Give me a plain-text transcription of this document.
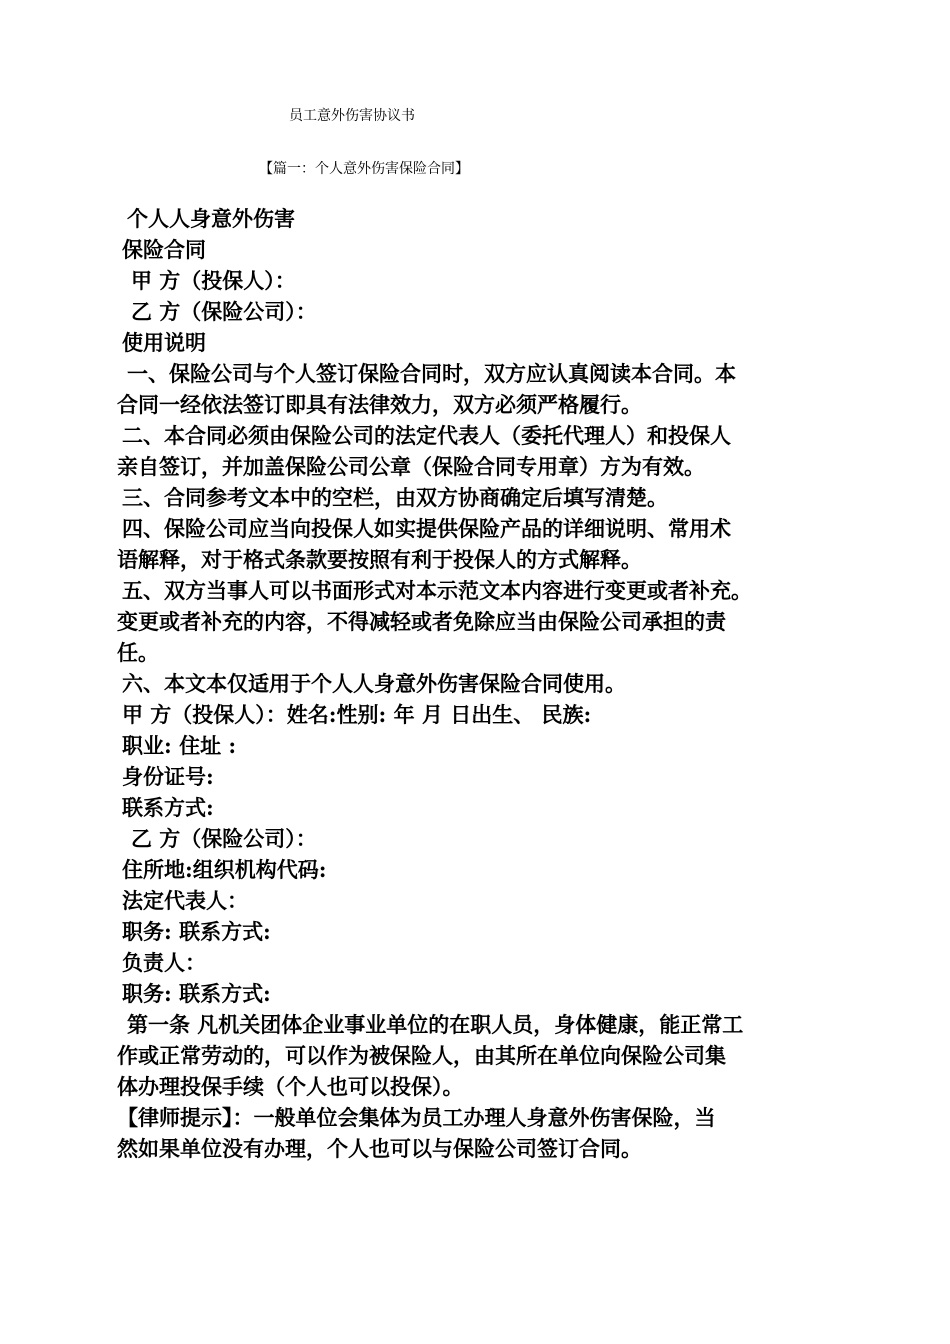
员工意外伤害协议书
【篇一：个人意外伤害保险合同】
个人人身意外伤害
保险合同
甲 方（投保人）：
乙 方（保险公司）：
使用说明
一、保险公司与个人签订保险合同时，双方应认真阅读本合同。本
合同一经依法签订即具有法律效力，双方必须严格履行。
二、本合同必须由保险公司的法定代表人（委托代理人）和投保人
亲自签订，并加盖保险公司公章（保险合同专用章）方为有效。
三、合同参考文本中的空栏，由双方协商确定后填写清楚。
四、保险公司应当向投保人如实提供保险产品的详细说明、常用术
语解释，对于格式条款要按照有利于投保人的方式解释。
五、双方当事人可以书面形式对本示范文本内容进行变更或者补充。
变更或者补充的内容，不得减轻或者免除应当由保险公司承担的责
任。
六、本文本仅适用于个人人身意外伤害保险合同使用。
甲 方（投保人）：姓名:性别: 年 月 日出生、 民族:
职业: 住址 :
身份证号:
联系方式:
乙 方（保险公司）：
住所地:组织机构代码:
法定代表人：
职务: 联系方式:
负责人：
职务: 联系方式:
第一条 凡机关团体企业事业单位的在职人员，身体健康，能正常工
作或正常劳动的，可以作为被保险人，由其所在单位向保险公司集
体办理投保手续（个人也可以投保）。
【律师提示】：一般单位会集体为员工办理人身意外伤害保险，当
然如果单位没有办理，个人也可以与保险公司签订合同。
